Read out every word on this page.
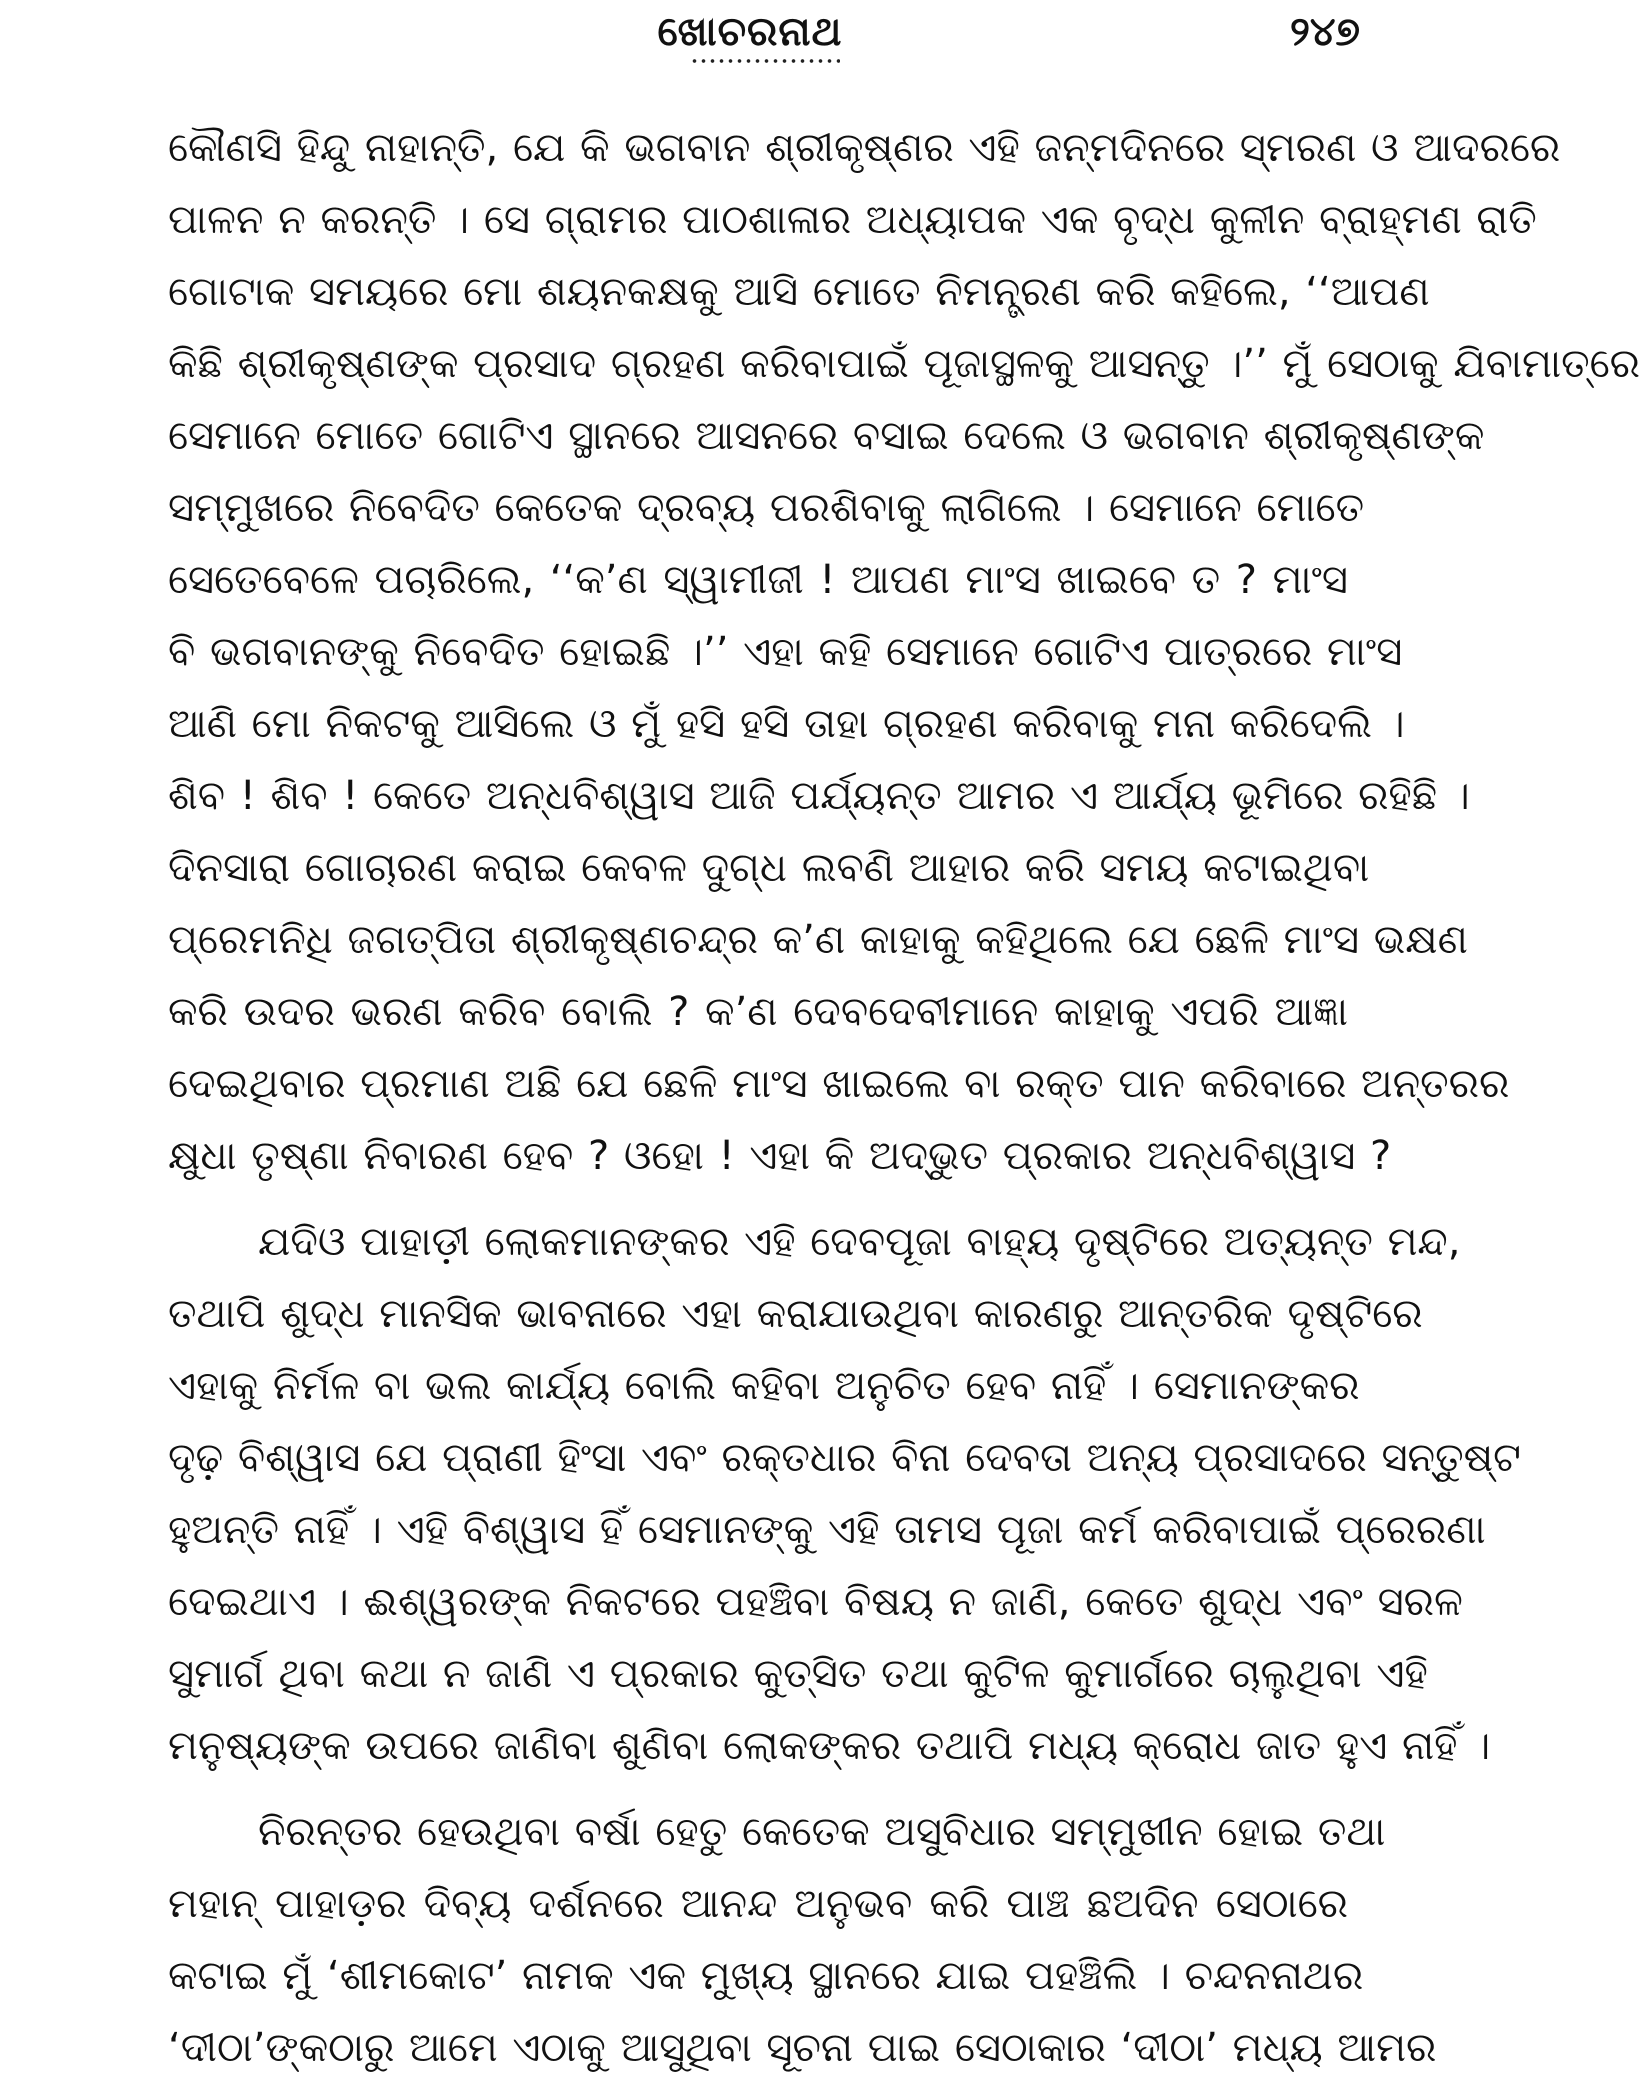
ଖୋଚରନାଥ	୨୪୭
କୌଣସି ହିନ୍ଦୁ ନାହାନ୍ତି, ଯେ କି ଭଗବାନ ଶ୍ରୀକୃଷ୍ଣର ଏହି ଜନ୍ମଦିନରେ ସ୍ମରଣ ଓ ଆଦରରେ
ପାଳନ ନ କରନ୍ତି । ସେ ଗ୍ରାମର ପାଠଶାଳାର ଅଧ୍ୟାପକ ଏକ ବୃଦ୍ଧ କୁଳୀନ ବ୍ରାହ୍ମଣ ରାତି
ଗୋଟାକ ସମୟରେ ମୋ ଶୟନକକ୍ଷକୁ ଆସି ମୋତେ ନିମନ୍ତ୍ରଣ କରି କହିଲେ, ‘‘ଆପଣ
କିଛି ଶ୍ରୀକୃଷ୍ଣଙ୍କ ପ୍ରସାଦ ଗ୍ରହଣ କରିବାପାଇଁ ପୂଜାସ୍ଥଳକୁ ଆସନ୍ତୁ ।’’ ମୁଁ ସେଠାକୁ ଯିବାମାତ୍ରେ
ସେମାନେ ମୋତେ ଗୋଟିଏ ସ୍ଥାନରେ ଆସନରେ ବସାଇ ଦେଲେ ଓ ଭଗବାନ ଶ୍ରୀକୃଷ୍ଣଙ୍କ
ସମ୍ମୁଖରେ ନିବେଦିତ କେତେକ ଦ୍ରବ୍ୟ ପରଶିବାକୁ ଲାଗିଲେ । ସେମାନେ ମୋତେ
ସେତେବେଳେ ପଚାରିଲେ, ‘‘କ’ଣ ସ୍ୱାମୀଜୀ ! ଆପଣ ମାଂସ ଖାଇବେ ତ ? ମାଂସ
ବି ଭଗବାନଙ୍କୁ ନିବେଦିତ ହୋଇଛି ।’’ ଏହା କହି ସେମାନେ ଗୋଟିଏ ପାତ୍ରରେ ମାଂସ
ଆଣି ମୋ ନିକଟକୁ ଆସିଲେ ଓ ମୁଁ ହସି ହସି ତାହା ଗ୍ରହଣ କରିବାକୁ ମନା କରିଦେଲି ।
ଶିବ ! ଶିବ ! କେତେ ଅନ୍ଧବିଶ୍ୱାସ ଆଜି ପର୍ଯ୍ୟନ୍ତ ଆମର ଏ ଆର୍ଯ୍ୟ ଭୂମିରେ ରହିଛି ।
ଦିନସାରା ଗୋଚାରଣ କରାଇ କେବଳ ଦୁଗ୍ଧ ଲବଣି ଆହାର କରି ସମୟ କଟାଇଥିବା
ପ୍ରେମନିଧି ଜଗତ୍‌ପିତା ଶ୍ରୀକୃଷ୍ଣଚନ୍ଦ୍ର କ’ଣ କାହାକୁ କହିଥିଲେ ଯେ ଛେଳି ମାଂସ ଭକ୍ଷଣ
କରି ଉଦର ଭରଣ କରିବ ବୋଲି ? କ’ଣ ଦେବଦେବୀମାନେ କାହାକୁ ଏପରି ଆଜ୍ଞା
ଦେଇଥିବାର ପ୍ରମାଣ ଅଛି ଯେ ଛେଳି ମାଂସ ଖାଇଲେ ବା ରକ୍ତ ପାନ କରିବାରେ ଅନ୍ତରର
କ୍ଷୁଧା ତୃଷ୍ଣା ନିବାରଣ ହେବ ? ଓହୋ ! ଏହା କି ଅଦ୍ଭୁତ ପ୍ରକାର ଅନ୍ଧବିଶ୍ୱାସ ?
ଯଦିଓ ପାହାଡ଼ୀ ଲୋକମାନଙ୍କର ଏହି ଦେବପୂଜା ବାହ୍ୟ ଦୃଷ୍ଟିରେ ଅତ୍ୟନ୍ତ ମନ୍ଦ,
ତଥାପି ଶୁଦ୍ଧ ମାନସିକ ଭାବନାରେ ଏହା କରାଯାଉଥିବା କାରଣରୁ ଆନ୍ତରିକ ଦୃଷ୍ଟିରେ
ଏହାକୁ ନିର୍ମଳ ବା ଭଲ କାର୍ଯ୍ୟ ବୋଲି କହିବା ଅନୁଚିତ ହେବ ନାହିଁ । ସେମାନଙ୍କର
ଦୃଢ଼ ବିଶ୍ୱାସ ଯେ ପ୍ରାଣୀ ହିଂସା ଏବଂ ରକ୍ତଧାର ବିନା ଦେବତା ଅନ୍ୟ ପ୍ରସାଦରେ ସନ୍ତୁଷ୍ଟ
ହୁଅନ୍ତି ନାହିଁ । ଏହି ବିଶ୍ୱାସ ହିଁ ସେମାନଙ୍କୁ ଏହି ତାମସ ପୂଜା କର୍ମ କରିବାପାଇଁ ପ୍ରେରଣା
ଦେଇଥାଏ । ଈଶ୍ୱରଙ୍କ ନିକଟରେ ପହଞ୍ଚିବା ବିଷୟ ନ ଜାଣି, କେତେ ଶୁଦ୍ଧ ଏବଂ ସରଳ
ସୁମାର୍ଗ ଥିବା କଥା ନ ଜାଣି ଏ ପ୍ରକାର କୁତ୍ସିତ ତଥା କୁଟିଳ କୁମାର୍ଗରେ ଚାଲୁଥିବା ଏହି
ମନୁଷ୍ୟଙ୍କ ଉପରେ ଜାଣିବା ଶୁଣିବା ଲୋକଙ୍କର ତଥାପି ମଧ୍ୟ କ୍ରୋଧ ଜାତ ହୁଏ ନାହିଁ ।
ନିରନ୍ତର ହେଉଥିବା ବର୍ଷା ହେତୁ କେତେକ ଅସୁବିଧାର ସମ୍ମୁଖୀନ ହୋଇ ତଥା
ମହାନ୍ ପାହାଡ଼ର ଦିବ୍ୟ ଦର୍ଶନରେ ଆନନ୍ଦ ଅନୁଭବ କରି ପାଞ୍ଚ ଛଅଦିନ ସେଠାରେ
କଟାଇ ମୁଁ ‘ଶୀମକୋଟ’ ନାମକ ଏକ ମୁଖ୍ୟ ସ୍ଥାନରେ ଯାଇ ପହଞ୍ଚିଲି । ଚନ୍ଦନନାଥର
‘ଦୀଠା’ଙ୍କଠାରୁ ଆମେ ଏଠାକୁ ଆସୁଥିବା ସୂଚନା ପାଇ ସେଠାକାର ‘ଦୀଠା’ ମଧ୍ୟ ଆମର
